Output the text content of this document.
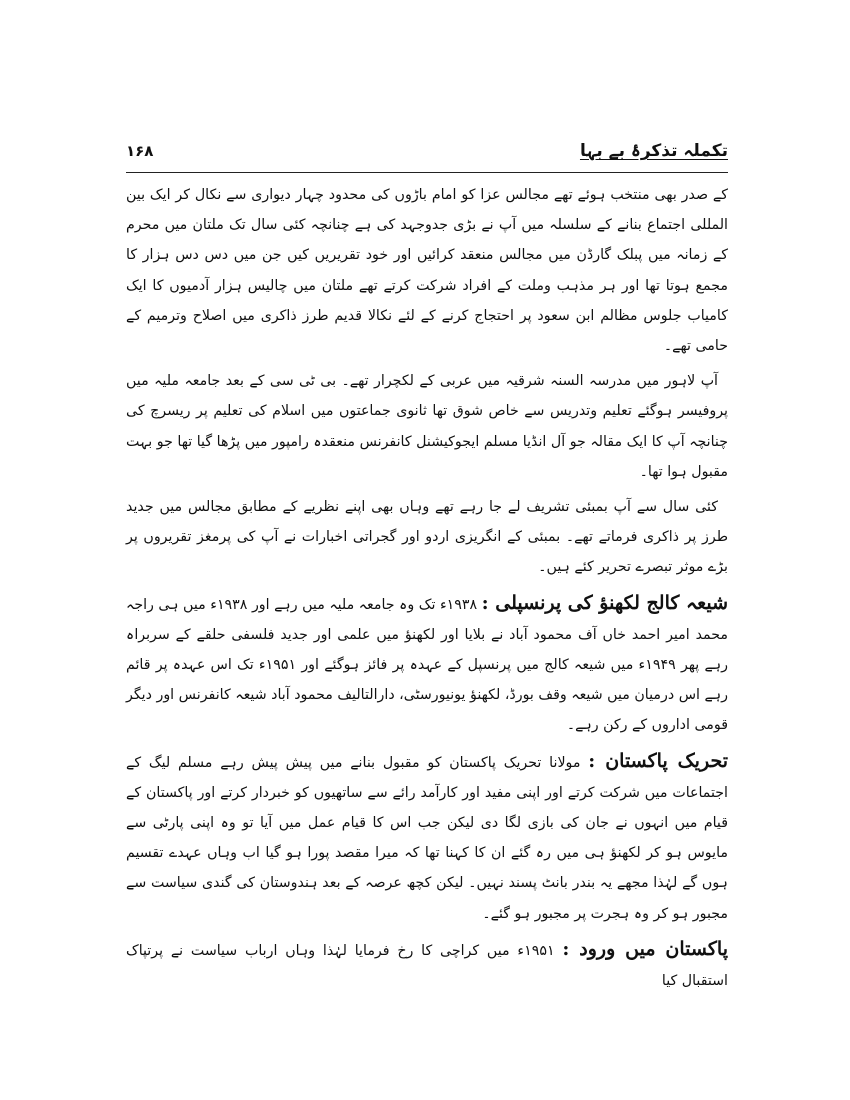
تکملہ تذکرۂ بے بہا
۱۶۸

کے صدر بھی منتخب ہوئے تھے مجالس عزا کو امام باڑوں کی محدود چہار دیواری سے نکال کر ایک بین المللی اجتماع بنانے کے سلسلہ میں آپ نے بڑی جدوجہد کی ہے چنانچہ کئی سال تک ملتان میں محرم کے زمانہ میں پبلک گارڈن میں مجالس منعقد کرائیں اور خود تقریریں کیں جن میں دس دس ہزار کا مجمع ہوتا تھا اور ہر مذہب وملت کے افراد شرکت کرتے تھے ملتان میں چالیس ہزار آدمیوں کا ایک کامیاب جلوس مظالم ابن سعود پر احتجاج کرنے کے لئے نکالا قدیم طرز ذاکری میں اصلاح وترمیم کے حامی تھے۔

آپ لاہور میں مدرسہ السنہ شرقیہ میں عربی کے لکچرار تھے۔ بی ٹی سی کے بعد جامعہ ملیہ میں پروفیسر ہوگئے تعلیم وتدریس سے خاص شوق تھا ثانوی جماعتوں میں اسلام کی تعلیم پر ریسرچ کی چنانچہ آپ کا ایک مقالہ جو آل انڈیا مسلم ایجوکیشنل کانفرنس منعقدہ رامپور میں پڑھا گیا تھا جو بہت مقبول ہوا تھا۔

کئی سال سے آپ بمبئی تشریف لے جا رہے تھے وہاں بھی اپنے نظریے کے مطابق مجالس میں جدید طرز پر ذاکری فرماتے تھے۔ بمبئی کے انگریزی اردو اور گجراتی اخبارات نے آپ کی پرمغز تقریروں پر بڑے موثر تبصرے تحریر کئے ہیں۔

شیعہ کالج لکھنؤ کی پرنسپلی : ۱۹۳۸ء تک وہ جامعہ ملیہ میں رہے اور ۱۹۳۸ء میں ہی راجہ محمد امیر احمد خاں آف محمود آباد نے بلایا اور لکھنؤ میں علمی اور جدید فلسفی حلقے کے سربراہ رہے پھر ۱۹۴۹ء میں شیعہ کالج میں پرنسپل کے عہدہ پر فائز ہوگئے اور ۱۹۵۱ء تک اس عہدہ پر قائم رہے اس درمیان میں شیعہ وقف بورڈ، لکھنؤ یونیورسٹی، دارالتالیف محمود آباد شیعہ کانفرنس اور دیگر قومی اداروں کے رکن رہے۔

تحریک پاکستان : مولانا تحریک پاکستان کو مقبول بنانے میں پیش پیش رہے مسلم لیگ کے اجتماعات میں شرکت کرتے اور اپنی مفید اور کارآمد رائے سے ساتھیوں کو خبردار کرتے اور پاکستان کے قیام میں انہوں نے جان کی بازی لگا دی لیکن جب اس کا قیام عمل میں آیا تو وہ اپنی پارٹی سے مایوس ہو کر لکھنؤ ہی میں رہ گئے ان کا کہنا تھا کہ میرا مقصد پورا ہو گیا اب وہاں عہدے تقسیم ہوں گے لہٰذا مجھے یہ بندر بانٹ پسند نہیں۔ لیکن کچھ عرصہ کے بعد ہندوستان کی گندی سیاست سے مجبور ہو کر وہ ہجرت پر مجبور ہو گئے۔

پاکستان میں ورود : ۱۹۵۱ء میں کراچی کا رخ فرمایا لہٰذا وہاں ارباب سیاست نے پرتپاک استقبال کیا
